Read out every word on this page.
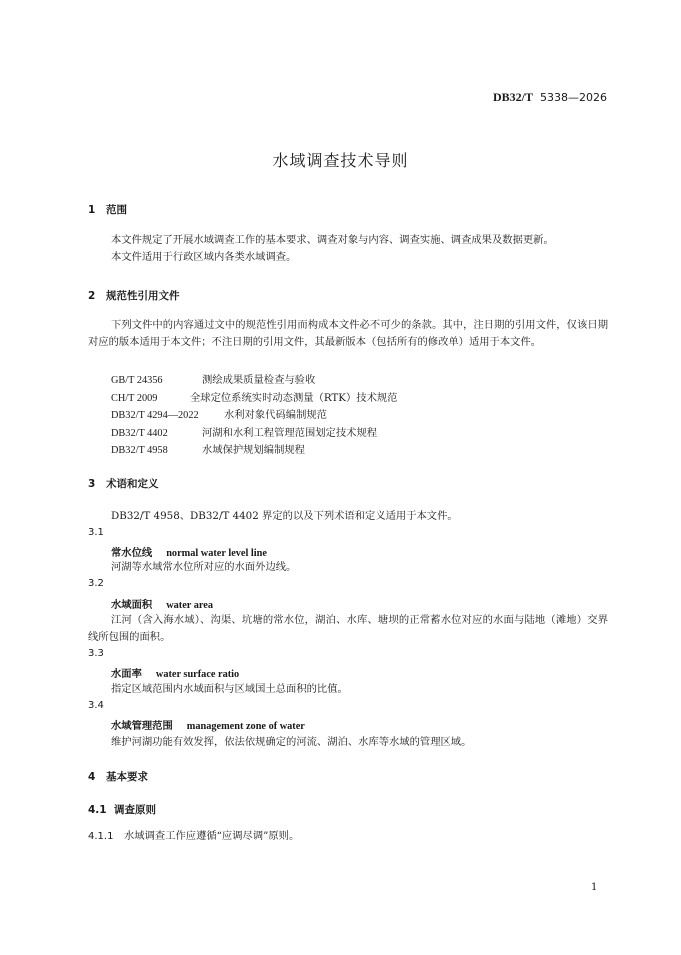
DB32/T 5338—2026
水域调查技术导则
1 范围
本文件规定了开展水域调查工作的基本要求、调查对象与内容、调查实施、调查成果及数据更新。
本文件适用于行政区域内各类水域调查。
2 规范性引用文件
下列文件中的内容通过文中的规范性引用而构成本文件必不可少的条款。其中，注日期的引用文件，仅该日期对应的版本适用于本文件；不注日期的引用文件，其最新版本（包括所有的修改单）适用于本文件。
GB/T 24356	测绘成果质量检查与验收
CH/T 2009	全球定位系统实时动态测量（RTK）技术规范
DB32/T 4294—2022 水利对象代码编制规范
DB32/T 4402	河湖和水利工程管理范围划定技术规程
DB32/T 4958	水域保护规划编制规程
3 术语和定义
DB32/T 4958、DB32/T 4402 界定的以及下列术语和定义适用于本文件。
3.1
常水位线 normal water level line
河湖等水域常水位所对应的水面外边线。
3.2
水域面积 water area
江河（含入海水域）、沟渠、坑塘的常水位，湖泊、水库、塘坝的正常蓄水位对应的水面与陆地（滩地）交界线所包围的面积。
3.3
水面率 water surface ratio
指定区域范围内水域面积与区域国土总面积的比值。
3.4
水域管理范围 management zone of water
维护河湖功能有效发挥，依法依规确定的河流、湖泊、水库等水域的管理区域。
4 基本要求
4.1 调查原则
4.1.1 水域调查工作应遵循“应调尽调”原则。
1
